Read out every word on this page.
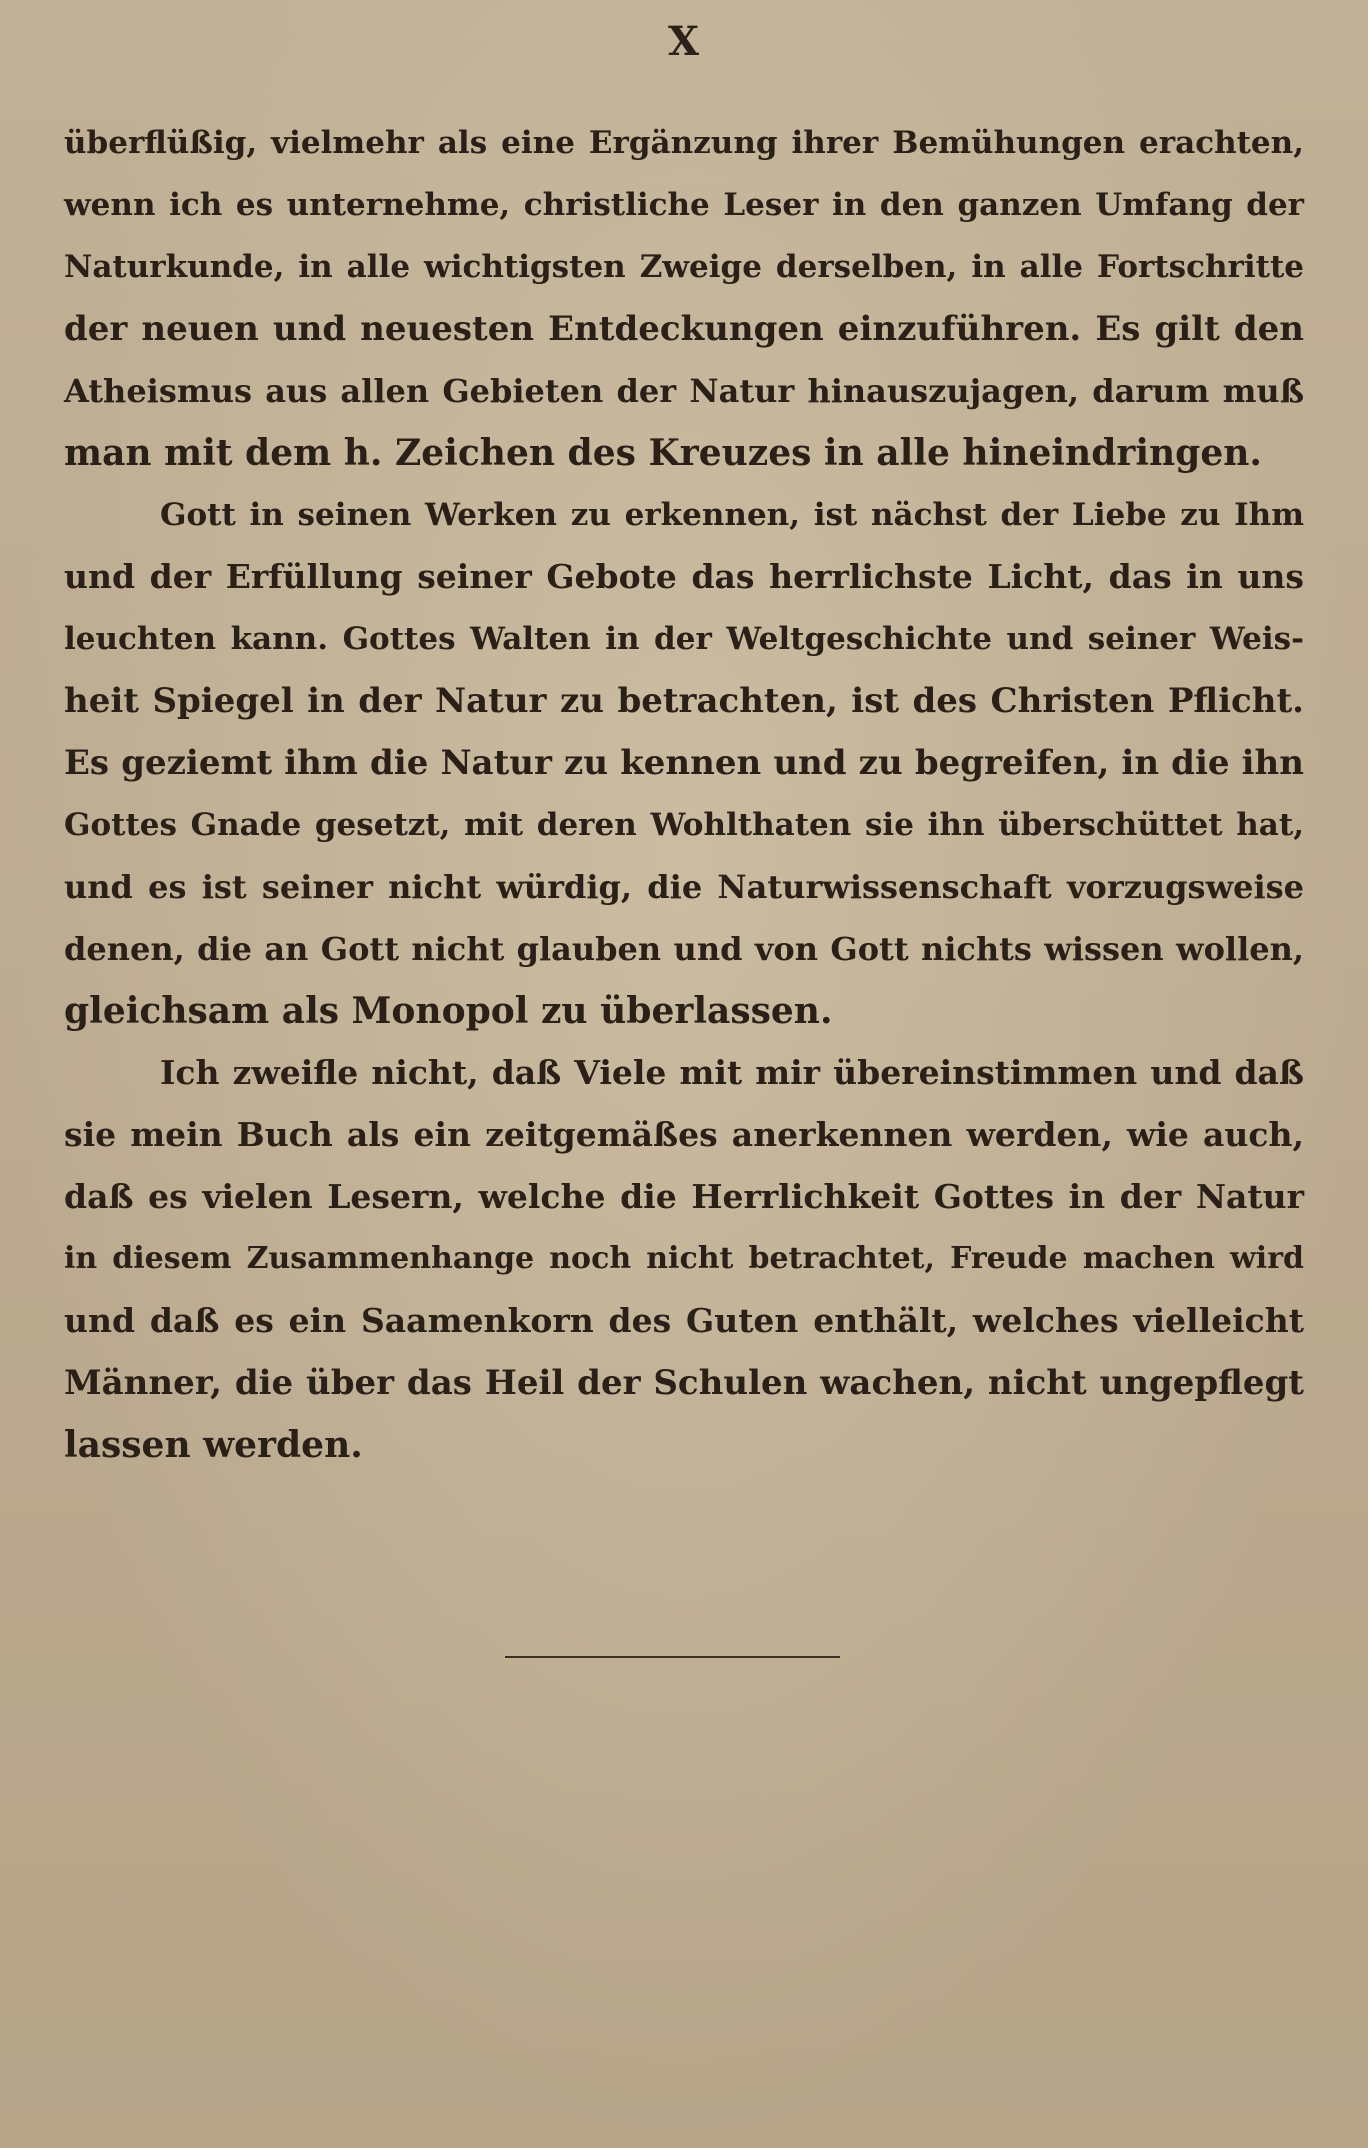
X
überflüßig, vielmehr als eine Ergänzung ihrer Bemühungen erachten,
wenn ich es unternehme, christliche Leser in den ganzen Umfang der
Naturkunde, in alle wichtigsten Zweige derselben, in alle Fortschritte
der neuen und neuesten Entdeckungen einzuführen. Es gilt den
Atheismus aus allen Gebieten der Natur hinauszujagen, darum muß
man mit dem h. Zeichen des Kreuzes in alle hineindringen.
Gott in seinen Werken zu erkennen, ist nächst der Liebe zu Ihm
und der Erfüllung seiner Gebote das herrlichste Licht, das in uns
leuchten kann. Gottes Walten in der Weltgeschichte und seiner Weis-
heit Spiegel in der Natur zu betrachten, ist des Christen Pflicht.
Es geziemt ihm die Natur zu kennen und zu begreifen, in die ihn
Gottes Gnade gesetzt, mit deren Wohlthaten sie ihn überschüttet hat,
und es ist seiner nicht würdig, die Naturwissenschaft vorzugsweise
denen, die an Gott nicht glauben und von Gott nichts wissen wollen,
gleichsam als Monopol zu überlassen.
Ich zweifle nicht, daß Viele mit mir übereinstimmen und daß
sie mein Buch als ein zeitgemäßes anerkennen werden, wie auch,
daß es vielen Lesern, welche die Herrlichkeit Gottes in der Natur
in diesem Zusammenhange noch nicht betrachtet, Freude machen wird
und daß es ein Saamenkorn des Guten enthält, welches vielleicht
Männer, die über das Heil der Schulen wachen, nicht ungepflegt
lassen werden.
